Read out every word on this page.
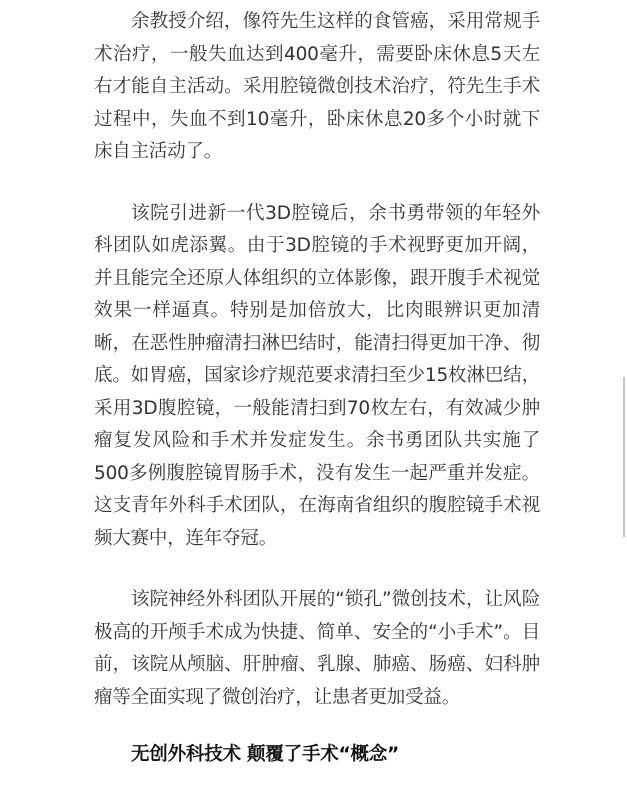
余教授介绍，像符先生这样的食管癌，采用常规手术治疗，一般失血达到400毫升，需要卧床休息5天左右才能自主活动。采用腔镜微创技术治疗，符先生手术过程中，失血不到10毫升，卧床休息20多个小时就下床自主活动了。

该院引进新一代3D腔镜后，余书勇带领的年轻外科团队如虎添翼。由于3D腔镜的手术视野更加开阔，并且能完全还原人体组织的立体影像，跟开腹手术视觉效果一样逼真。特别是加倍放大，比肉眼辨识更加清晰，在恶性肿瘤清扫淋巴结时，能清扫得更加干净、彻底。如胃癌，国家诊疗规范要求清扫至少15枚淋巴结，采用3D腹腔镜，一般能清扫到70枚左右，有效减少肿瘤复发风险和手术并发症发生。余书勇团队共实施了500多例腹腔镜胃肠手术，没有发生一起严重并发症。这支青年外科手术团队，在海南省组织的腹腔镜手术视频大赛中，连年夺冠。

该院神经外科团队开展的“锁孔”微创技术，让风险极高的开颅手术成为快捷、简单、安全的“小手术”。目前，该院从颅脑、肝肿瘤、乳腺、肺癌、肠癌、妇科肿瘤等全面实现了微创治疗，让患者更加受益。

无创外科技术 颠覆了手术“概念”
